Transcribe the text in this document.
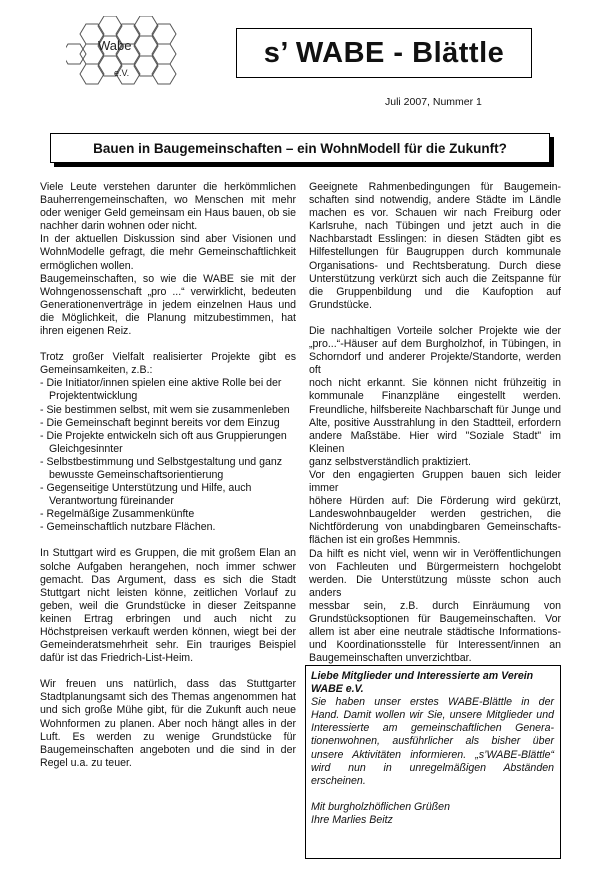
Wabe
e.V.
s’ WABE - Blättle
Juli 2007, Nummer 1
Bauen in Baugemeinschaften – ein WohnModell für die Zukunft?

Viele Leute verstehen darunter die herkömmlichen

Bauherrengemeinschaften, wo Menschen mit mehr

oder weniger Geld gemeinsam ein Haus bauen, ob sie

nachher darin wohnen oder nicht.

In der aktuellen Diskussion sind aber Visionen und

WohnModelle gefragt, die mehr Gemeinschaftlichkeit

ermöglichen wollen.

Baugemeinschaften, so wie die WABE sie mit der

Wohngenossenschaft „pro ...“ verwirklicht, bedeuten

Generationenverträge in jedem einzelnen Haus und

die Möglichkeit, die Planung mitzubestimmen, hat

ihren eigenen Reiz.

Trotz großer Vielfalt realisierter Projekte gibt es

Gemeinsamkeiten, z.B.:

- Die Initiator/innen spielen eine aktive Rolle bei der

Projektentwicklung

- Sie bestimmen selbst, mit wem sie zusammenleben

- Die Gemeinschaft beginnt bereits vor dem Einzug

- Die Projekte entwickeln sich oft aus Gruppierungen

Gleichgesinnter

- Selbstbestimmung und Selbstgestaltung und ganz

bewusste Gemeinschaftsorientierung

- Gegenseitige Unterstützung und Hilfe, auch

Verantwortung füreinander

- Regelmäßige Zusammenkünfte

- Gemeinschaftlich nutzbare Flächen.

In Stuttgart wird es Gruppen, die mit großem Elan an

solche Aufgaben herangehen, noch immer schwer

gemacht. Das Argument, dass es sich die Stadt

Stuttgart nicht leisten könne, zeitlichen Vorlauf zu

geben, weil die Grundstücke in dieser Zeitspanne

keinen Ertrag erbringen und auch nicht zu

Höchstpreisen verkauft werden können, wiegt bei der

Gemeinderatsmehrheit sehr. Ein trauriges Beispiel

dafür ist das Friedrich-List-Heim.

Wir freuen uns natürlich, dass das Stuttgarter

Stadtplanungsamt sich des Themas angenommen hat

und sich große Mühe gibt, für die Zukunft auch neue

Wohnformen zu planen. Aber noch hängt alles in der

Luft. Es werden zu wenige Grundstücke für

Baugemeinschaften angeboten und die sind in der

Regel u.a. zu teuer.

Geeignete Rahmenbedingungen für Baugemein-

schaften sind notwendig, andere Städte im Ländle

machen es vor. Schauen wir nach Freiburg oder

Karlsruhe, nach Tübingen und jetzt auch in die

Nachbarstadt Esslingen: in diesen Städten gibt es

Hilfestellungen für Baugruppen durch kommunale

Organisations- und Rechtsberatung. Durch diese

Unterstützung verkürzt sich auch die Zeitspanne für

die Gruppenbildung und die Kaufoption auf

Grundstücke.

Die nachhaltigen Vorteile solcher Projekte wie der

„pro...“-Häuser auf dem Burgholzhof, in Tübingen, in

Schorndorf und anderer Projekte/Standorte, werden oft

noch nicht erkannt. Sie können nicht frühzeitig in

kommunale Finanzpläne eingestellt werden.

Freundliche, hilfsbereite Nachbarschaft für Junge und

Alte, positive Ausstrahlung in den Stadtteil, erfordern

andere Maßstäbe. Hier wird "Soziale Stadt" im Kleinen

ganz selbstverständlich praktiziert.

Vor den engagierten Gruppen bauen sich leider immer

höhere Hürden auf: Die Förderung wird gekürzt,

Landeswohnbaugelder werden gestrichen, die

Nichtförderung von unabdingbaren Gemeinschafts-

flächen ist ein großes Hemmnis.

Da hilft es nicht viel, wenn wir in Veröffentlichungen

von Fachleuten und Bürgermeistern hochgelobt

werden. Die Unterstützung müsste schon auch anders

messbar sein, z.B. durch Einräumung von

Grundstücksoptionen für Baugemeinschaften. Vor

allem ist aber eine neutrale städtische Informations-

und Koordinationsstelle für Interessent/innen an

Baugemeinschaften unverzichtbar.

Liebe Mitglieder und Interessierte am Verein

WABE e.V.

Sie haben unser erstes WABE-Blättle in der

Hand. Damit wollen wir Sie, unsere Mitglieder und

Interessierte am gemeinschaftlichen Genera-

tionenwohnen, ausführlicher als bisher über

unsere Aktivitäten informieren. „s’WABE-Blättle“

wird nun in unregelmäßigen Abständen

erscheinen.

Mit burgholzhöflichen Grüßen

Ihre Marlies Beitz
